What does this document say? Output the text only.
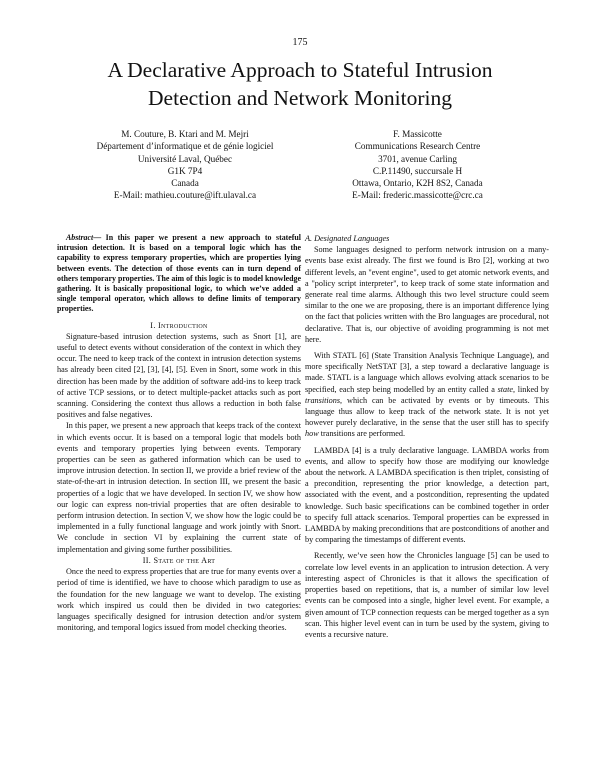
175
A Declarative Approach to Stateful Intrusion
Detection and Network Monitoring
M. Couture, B. Ktari and M. Mejri
Département d’informatique et de génie logiciel
Université Laval, Québec
G1K 7P4
Canada
E-Mail: mathieu.couture@ift.ulaval.ca
F. Massicotte
Communications Research Centre
3701, avenue Carling
C.P.11490, succursale H
Ottawa, Ontario, K2H 8S2, Canada
E-Mail: frederic.massicotte@crc.ca

Abstract— In this paper we present a new approach to stateful intrusion detection. It is based on a temporal logic which has the capability to express temporary properties, which are properties lying between events. The detection of those events can in turn depend of others temporary properties. The aim of this logic is to model knowledge gathering. It is basically propositional logic, to which we’ve added a single temporal operator, which allows to define limits of temporary properties.

I. Introduction

Signature-based intrusion detection systems, such as Snort [1], are useful to detect events without consideration of the context in which they occur. The need to keep track of the context in intrusion detection systems has already been cited [2], [3], [4], [5]. Even in Snort, some work in this direction has been made by the addition of software add-ins to keep track of active TCP sessions, or to detect multiple-packet attacks such as port scanning. Considering the context thus allows a reduction in both false positives and false negatives.

In this paper, we present a new approach that keeps track of the context in which events occur. It is based on a temporal logic that models both events and temporary properties lying between events. Temporary properties can be seen as gathered information which can be used to improve intrusion detection. In section II, we provide a brief review of the state-of-the-art in intrusion detection. In section III, we present the basic properties of a logic that we have developed. In section IV, we show how our logic can express non-trivial properties that are often desirable to perform intrusion detection. In section V, we show how the logic could be implemented in a fully functional language and work jointly with Snort. We conclude in section VI by explaining the current state of implementation and giving some further possibilities.

II. State of the Art

Once the need to express properties that are true for many events over a period of time is identified, we have to choose which paradigm to use as the foundation for the new language we want to develop. The existing work which inspired us could then be divided in two categories: languages specifically designed for intrusion detection and/or system monitoring, and temporal logics issued from model checking theories.

A. Designated Languages

Some languages designed to perform network intrusion on a many-events base exist already. The first we found is Bro [2], working at two different levels, an "event engine", used to get atomic network events, and a "policy script interpreter", to keep track of some state information and generate real time alarms. Although this two level structure could seem similar to the one we are proposing, there is an important difference lying on the fact that policies written with the Bro languages are procedural, not declarative. That is, our objective of avoiding programming is not met here.

With STATL [6] (State Transition Analysis Technique Language), and more specifically NetSTAT [3], a step toward a declarative language is made. STATL is a language which allows evolving attack scenarios to be specified, each step being modelled by an entity called a state, linked by transitions, which can be activated by events or by timeouts. This language thus allow to keep track of the network state. It is not yet however purely declarative, in the sense that the user still has to specify how transitions are performed.

LAMBDA [4] is a truly declarative language. LAMBDA works from events, and allow to specify how those are modifying our knowledge about the network. A LAMBDA specification is then triplet, consisting of a precondition, representing the prior knowledge, a detection part, associated with the event, and a postcondition, representing the updated knowledge. Such basic specifications can be combined together in order to specify full attack scenarios. Temporal properties can be expressed in LAMBDA by making preconditions that are postconditions of another and by comparing the timestamps of different events.

Recently, we’ve seen how the Chronicles language [5] can be used to correlate low level events in an application to intrusion detection. A very interesting aspect of Chronicles is that it allows the specification of properties based on repetitions, that is, a number of similar low level events can be composed into a single, higher level event. For example, a given amount of TCP connection requests can be merged together as a syn scan. This higher level event can in turn be used by the system, giving to events a recursive nature.
